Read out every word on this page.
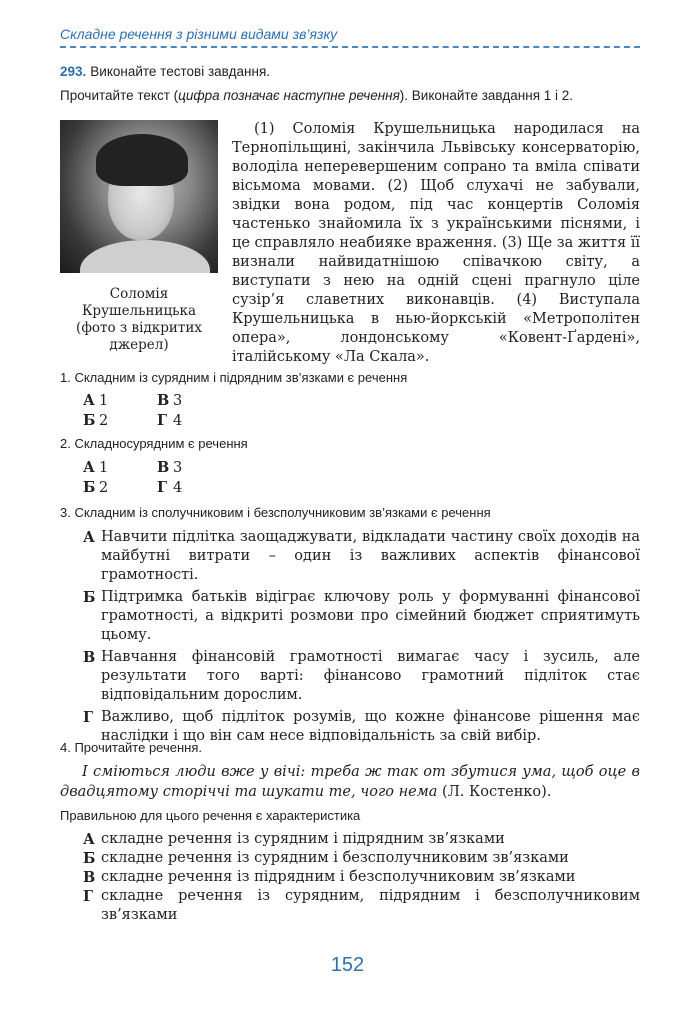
Складне речення з різними видами зв’язку
293. Виконайте тестові завдання.
Прочитайте текст (цифра позначає наступне речення). Виконайте завдання 1 і 2.
Соломія
Крушельницька
(фото з відкритих
джерел)
(1) Соломія Крушельницька народилася на Тернопільщині, закінчила Львівську консерваторію, володіла неперевершеним сопрано та вміла співати вісьмома мовами. (2) Щоб слухачі не забували, звідки вона родом, під час концертів Соломія частенько знайомила їх з українськими піснями, і це справляло неабияке враження. (3) Ще за життя її визнали найвидатнішою співачкою світу, а виступати з нею на одній сцені прагнуло ціле сузір’я славетних виконавців. (4) Виступала Крушельницька в нью-йоркській «Метрополітен опера», лондонському «Ковент-Ґардені», італійському «Ла Скала».
1. Складним із сурядним і підрядним зв’язками є речення
А 1	В 3
Б 2	Г 4
2. Складносурядним є речення
А 1	В 3
Б 2	Г 4
3. Складним із сполучниковим і безсполучниковим зв’язками є речення
А Навчити підлітка заощаджувати, відкладати частину своїх доходів на майбутні витрати – один із важливих аспектів фінансової грамотності.
Б Підтримка батьків відіграє ключову роль у формуванні фінансової грамотності, а відкриті розмови про сімейний бюджет сприятимуть цьому.
В Навчання фінансовій грамотності вимагає часу і зусиль, але результати того варті: фінансово грамотний підліток стає відповідальним дорослим.
Г Важливо, щоб підліток розумів, що кожне фінансове рішення має наслідки і що він сам несе відповідальність за свій вибір.
4. Прочитайте речення.
І сміються люди вже у вічі: треба ж так от збутися ума, щоб оце в двадцятому сторіччі та шукати те, чого нема (Л. Костенко).
Правильною для цього речення є характеристика
А складне речення із сурядним і підрядним зв’язками
Б складне речення із сурядним і безсполучниковим зв’язками
В складне речення із підрядним і безсполучниковим зв’язками
Г складне речення із сурядним, підрядним і безсполучниковим зв’язками
152
